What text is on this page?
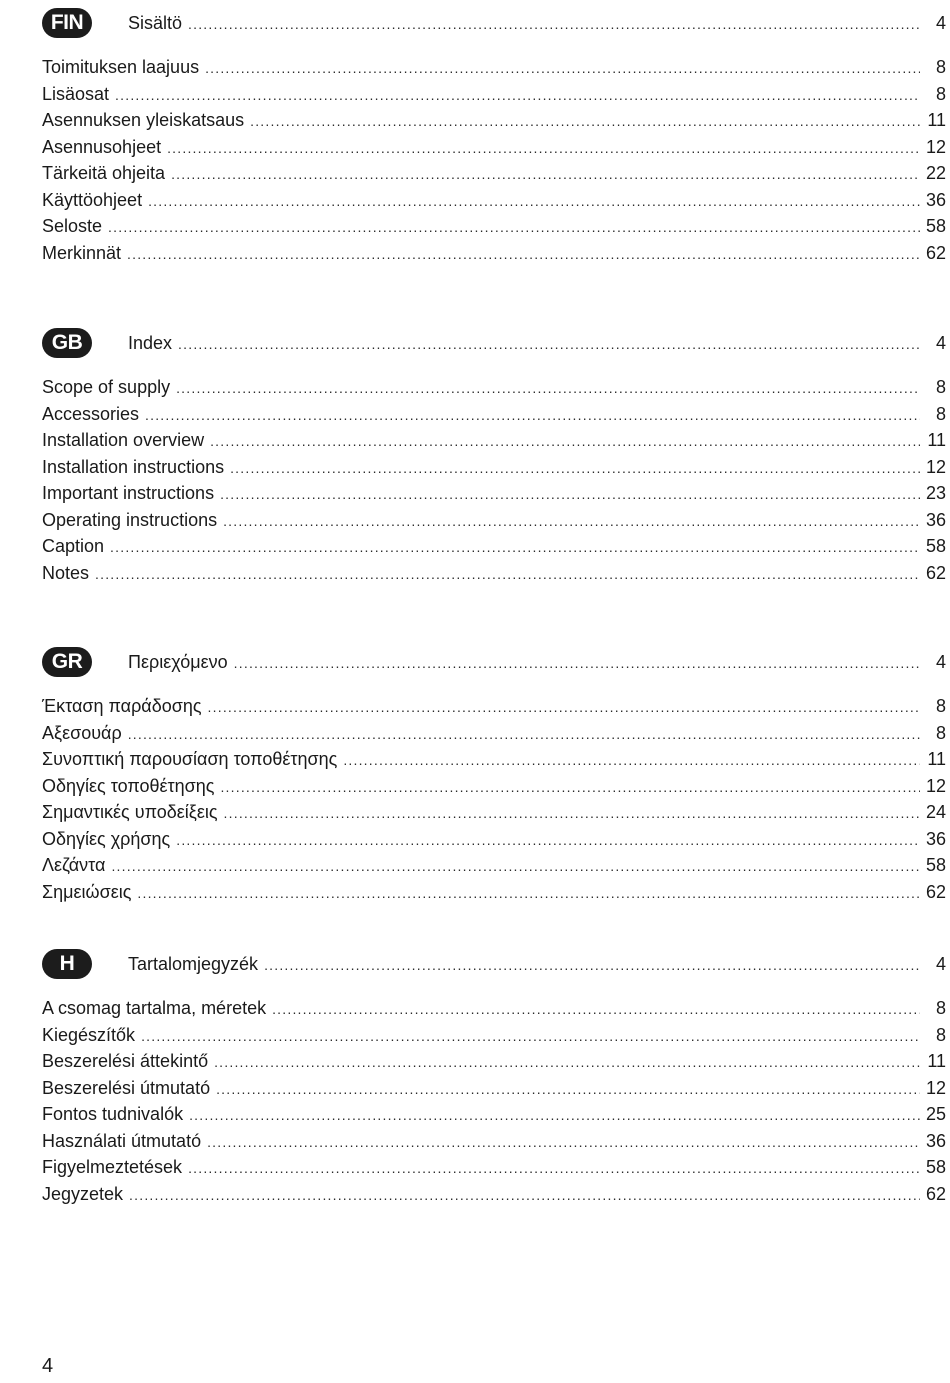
FIN	Sisältö .....	4
Toimituksen laajuus .....	8
Lisäosat .....	8
Asennuksen yleiskatsaus .....	11
Asennusohjeet .....	12
Tärkeitä ohjeita .....	22
Käyttöohjeet .....	36
Seloste .....	58
Merkinnät .....	62
GB	Index .....	4
Scope of supply .....	8
Accessories .....	8
Installation overview .....	11
Installation instructions .....	12
Important instructions .....	23
Operating instructions .....	36
Caption .....	58
Notes .....	62
GR	Περιεχόμενο .....	4
Έκταση παράδοσης .....	8
Αξεσουάρ .....	8
Συνοπτική παρουσίαση τοποθέτησης .....	11
Οδηγίες τοποθέτησης .....	12
Σημαντικές υποδείξεις .....	24
Οδηγίες χρήσης .....	36
Λεζάντα .....	58
Σημειώσεις .....	62
H	Tartalomjegyzék .....	4
A csomag tartalma, méretek .....	8
Kiegészítők .....	8
Beszerelési áttekintő .....	11
Beszerelési útmutató .....	12
Fontos tudnivalók .....	25
Használati útmutató .....	36
Figyelmeztetések .....	58
Jegyzetek .....	62
4
